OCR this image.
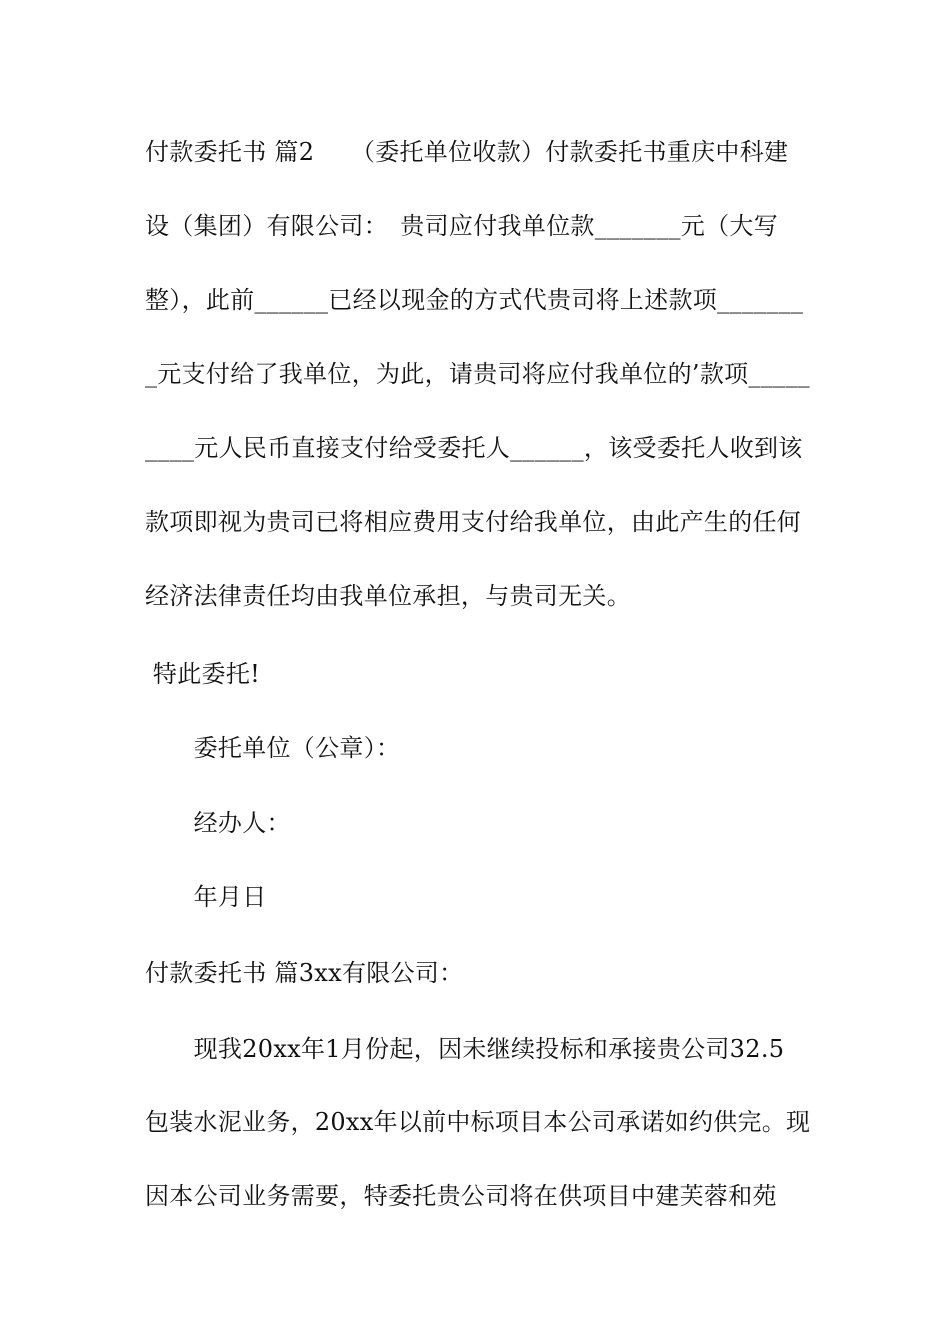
付款委托书 篇2　　（委托单位收款）付款委托书重庆中科建
设（集团）有限公司：　贵司应付我单位款_______元（大写
整），此前______已经以现金的方式代贵司将上述款项_______
_元支付给了我单位，为此，请贵司将应付我单位的’款项_____
____元人民币直接支付给受委托人______，该受委托人收到该
款项即视为贵司已将相应费用支付给我单位，由此产生的任何
经济法律责任均由我单位承担，与贵司无关。
特此委托!
　　委托单位（公章）：
　　经办人：
　　年月日
付款委托书 篇3xx有限公司：
　　现我20xx年1月份起，因未继续投标和承接贵公司32.5
包装水泥业务，20xx年以前中标项目本公司承诺如约供完。现
因本公司业务需要，特委托贵公司将在供项目中建芙蓉和苑
